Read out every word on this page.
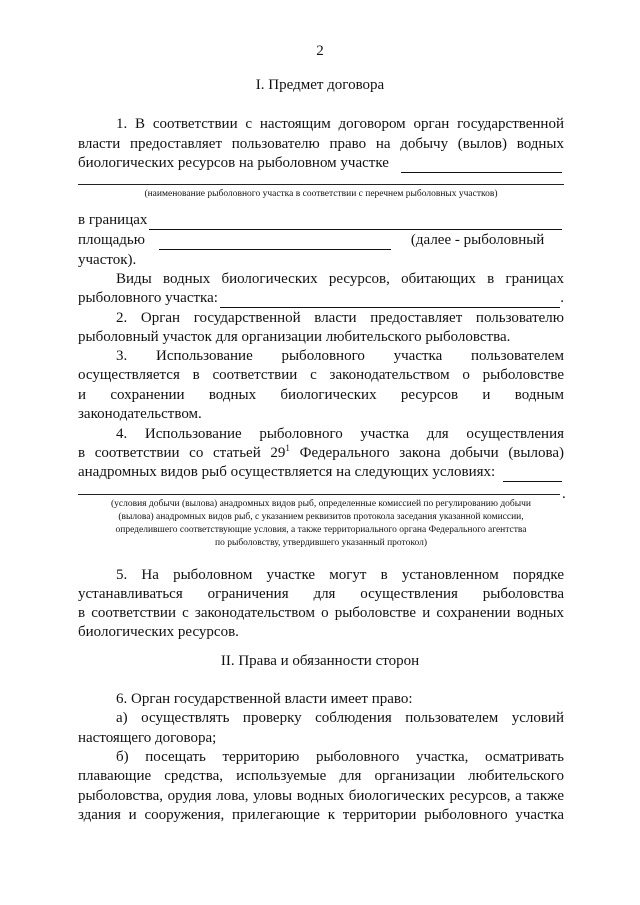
2
I. Предмет договора
1. В соответствии с настоящим договором орган государственной
власти предоставляет пользователю право на добычу (вылов) водных
биологических ресурсов на рыболовном участке
(наименование рыболовного участка в соответствии с перечнем рыболовных участков)
в границах
площадью	(далее - рыболовный
участок).
Виды водных биологических ресурсов, обитающих в границах
рыболовного участка:	.
2. Орган государственной власти предоставляет пользователю
рыболовный участок для организации любительского рыболовства.
3. Использование рыболовного участка пользователем
осуществляется в соответствии с законодательством о рыболовстве
и сохранении водных биологических ресурсов и водным
законодательством.
4. Использование рыболовного участка для осуществления
в соответствии со статьей $29^1$ Федерального закона добычи (вылова)
анадромных видов рыб осуществляется на следующих условиях:
.
(условия добычи (вылова) анадромных видов рыб, определенные комиссией по регулированию добычи
(вылова) анадромных видов рыб, с указанием реквизитов протокола заседания указанной комиссии,
определившего соответствующие условия, а также территориального органа Федерального агентства
по рыболовству, утвердившего указанный протокол)
5. На рыболовном участке могут в установленном порядке
устанавливаться ограничения для осуществления рыболовства
в соответствии с законодательством о рыболовстве и сохранении водных
биологических ресурсов.
II. Права и обязанности сторон
6. Орган государственной власти имеет право:
а) осуществлять проверку соблюдения пользователем условий
настоящего договора;
б) посещать территорию рыболовного участка, осматривать
плавающие средства, используемые для организации любительского
рыболовства, орудия лова, уловы водных биологических ресурсов, а также
здания и сооружения, прилегающие к территории рыболовного участка
